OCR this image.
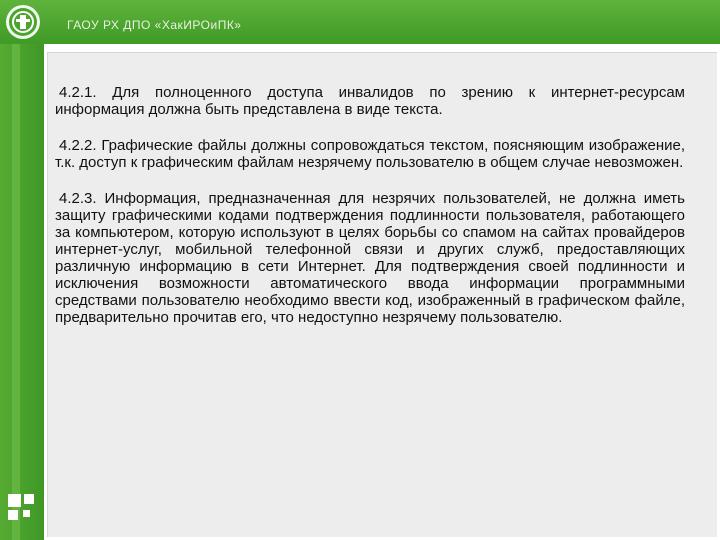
ГАОУ РХ ДПО «ХакИРОиПК»

4.2.1. Для полноценного доступа инвалидов по зрению к интернет-ресурсам информация должна быть представлена в виде текста.

4.2.2. Графические файлы должны сопровождаться текстом, поясняющим изображение, т.к. доступ к графическим файлам незрячему пользователю в общем случае невозможен.

4.2.3. Информация, предназначенная для незрячих пользователей, не должна иметь защиту графическими кодами подтверждения подлинности пользователя, работающего за компьютером, которую используют в целях борьбы со спамом на сайтах провайдеров интернет-услуг, мобильной телефонной связи и других служб, предоставляющих различную информацию в сети Интернет. Для подтверждения своей подлинности и исключения возможности автоматического ввода информации программными средствами пользователю необходимо ввести код, изображенный в графическом файле, предварительно прочитав его, что недоступно незрячему пользователю.
